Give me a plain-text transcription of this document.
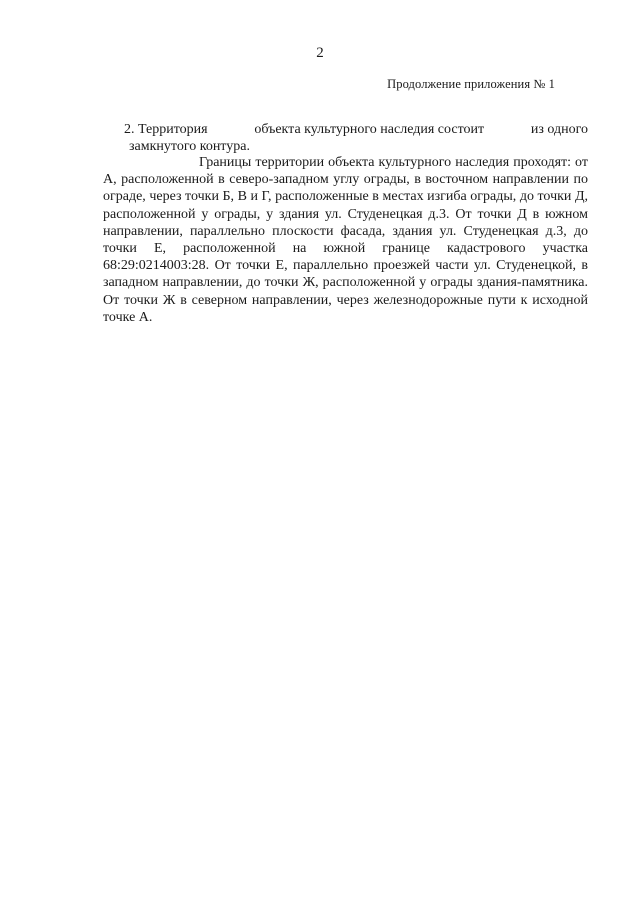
2
Продолжение приложения № 1
2. Территория	объекта культурного наследия состоит	из одного
замкнутого контура.

Границы территории объекта культурного наследия проходят: от А, расположенной в северо-западном углу ограды, в восточном направлении по ограде, через точки Б, В и Г, расположенные в местах изгиба ограды, до точки Д, расположенной у ограды, у здания ул. Студенецкая д.3. От точки Д в южном направлении, параллельно плоскости фасада, здания ул. Студенецкая д.3, до точки Е, расположенной на южной границе кадастрового участка 68:29:0214003:28. От точки Е, параллельно проезжей части ул. Студенецкой, в западном направлении, до точки Ж, расположенной у ограды здания-памятника. От точки Ж в северном направлении, через железнодорожные пути к исходной точке А.
